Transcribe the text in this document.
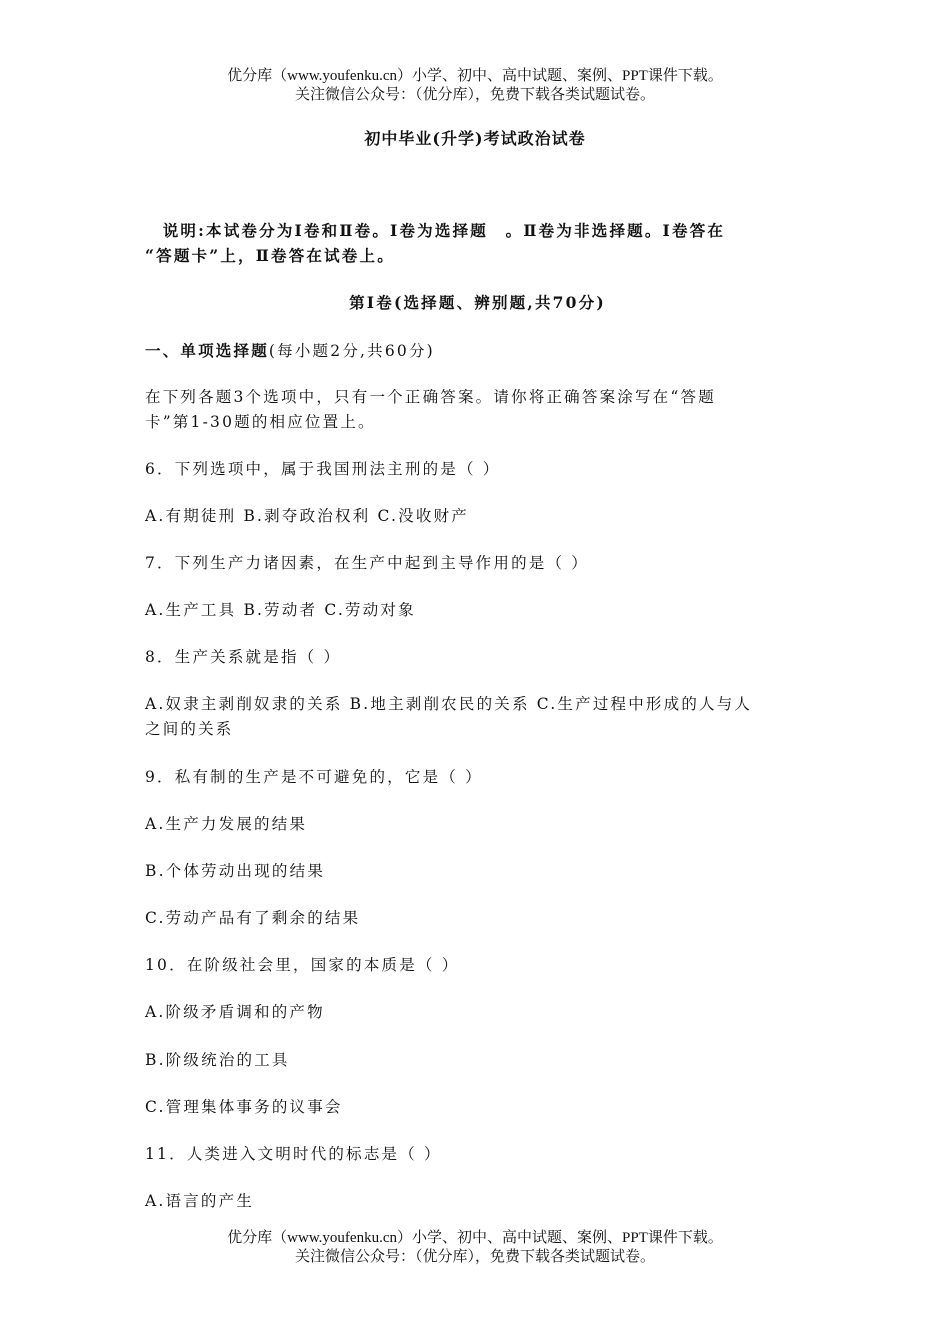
优分库（www.youfenku.cn）小学、初中、高中试题、案例、PPT课件下载。
关注微信公众号：（优分库），免费下载各类试题试卷。
初中毕业(升学)考试政治试卷
　说明:本试卷分为Ⅰ卷和Ⅱ卷。Ⅰ卷为选择题　。Ⅱ卷为非选择题。Ⅰ卷答在
“答题卡”上，Ⅱ卷答在试卷上。
第Ⅰ卷(选择题、辨别题,共70分)
一、单项选择题(每小题2分,共60分)
在下列各题3个选项中，只有一个正确答案。请你将正确答案涂写在“答题
卡”第1-30题的相应位置上。
6．下列选项中，属于我国刑法主刑的是（ ）
A.有期徒刑 B.剥夺政治权利 C.没收财产
7．下列生产力诸因素，在生产中起到主导作用的是（ ）
A.生产工具 B.劳动者 C.劳动对象
8．生产关系就是指（ ）
A.奴隶主剥削奴隶的关系 B.地主剥削农民的关系 C.生产过程中形成的人与人
之间的关系
9．私有制的生产是不可避免的，它是（ ）
A.生产力发展的结果
B.个体劳动出现的结果
C.劳动产品有了剩余的结果
10．在阶级社会里，国家的本质是（ ）
A.阶级矛盾调和的产物
B.阶级统治的工具
C.管理集体事务的议事会
11．人类进入文明时代的标志是（ ）
A.语言的产生
优分库（www.youfenku.cn）小学、初中、高中试题、案例、PPT课件下载。
关注微信公众号：（优分库），免费下载各类试题试卷。
